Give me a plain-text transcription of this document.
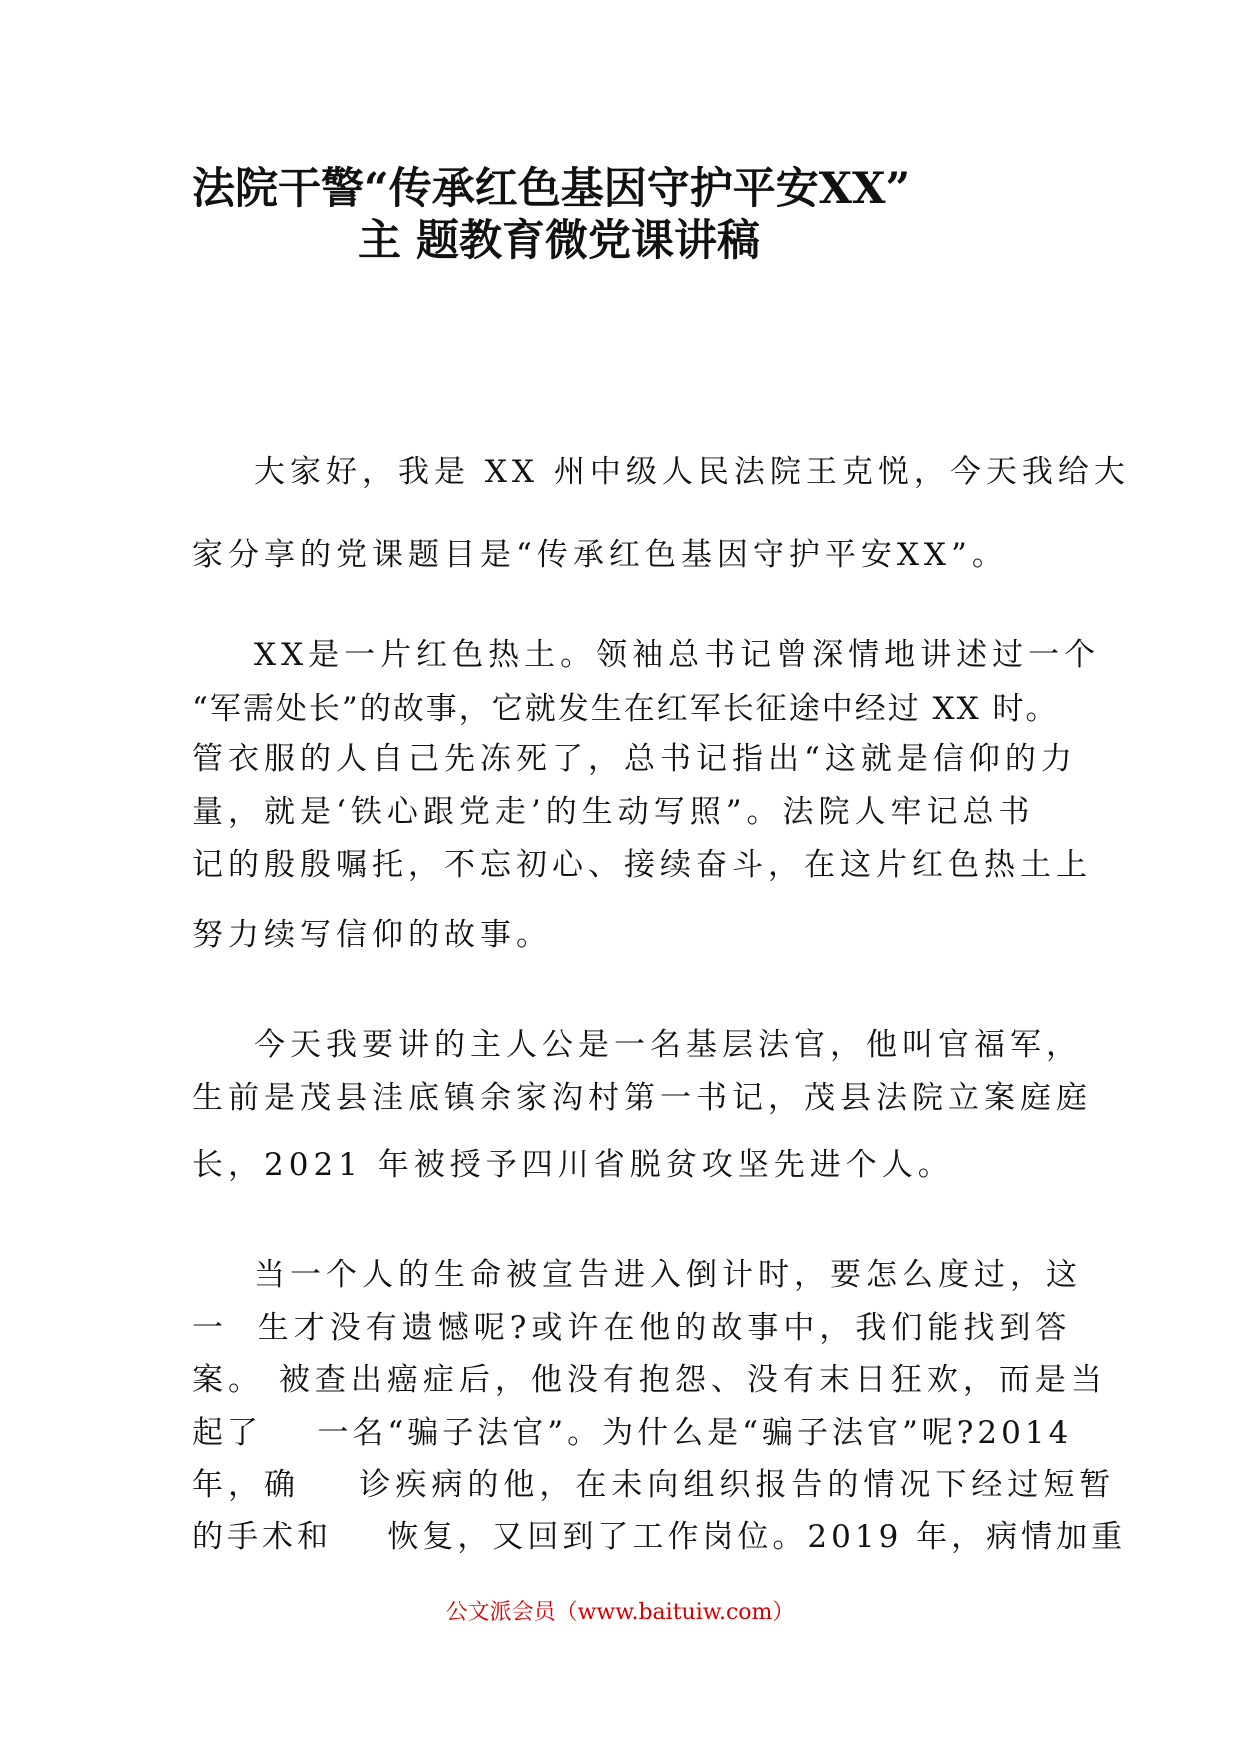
法院干警“传承红色基因守护平安XX”
主 题教育微党课讲稿
大家好，我是 XX 州中级人民法院王克悦，今天我给大
家分享的党课题目是“传承红色基因守护平安XX”。
XX是一片红色热土。领袖总书记曾深情地讲述过一个
“军需处长”的故事，它就发生在红军长征途中经过 XX 时。
管衣服的人自己先冻死了，总书记指出“这就是信仰的力
量，就是‘铁心跟党走’的生动写照”。法院人牢记总书
记的殷殷嘱托，不忘初心、接续奋斗，在这片红色热土上
努力续写信仰的故事。
今天我要讲的主人公是一名基层法官，他叫官福军，
生前是茂县洼底镇余家沟村第一书记，茂县法院立案庭庭
长，2021 年被授予四川省脱贫攻坚先进个人。
当一个人的生命被宣告进入倒计时，要怎么度过，这
一  生才没有遗憾呢?或许在他的故事中，我们能找到答
案。 被查出癌症后，他没有抱怨、没有末日狂欢，而是当
起了    一名“骗子法官”。为什么是“骗子法官”呢?2014
年，确    诊疾病的他，在未向组织报告的情况下经过短暂
的手术和    恢复，又回到了工作岗位。2019 年，病情加重
公文派会员（www.baituiw.com）
